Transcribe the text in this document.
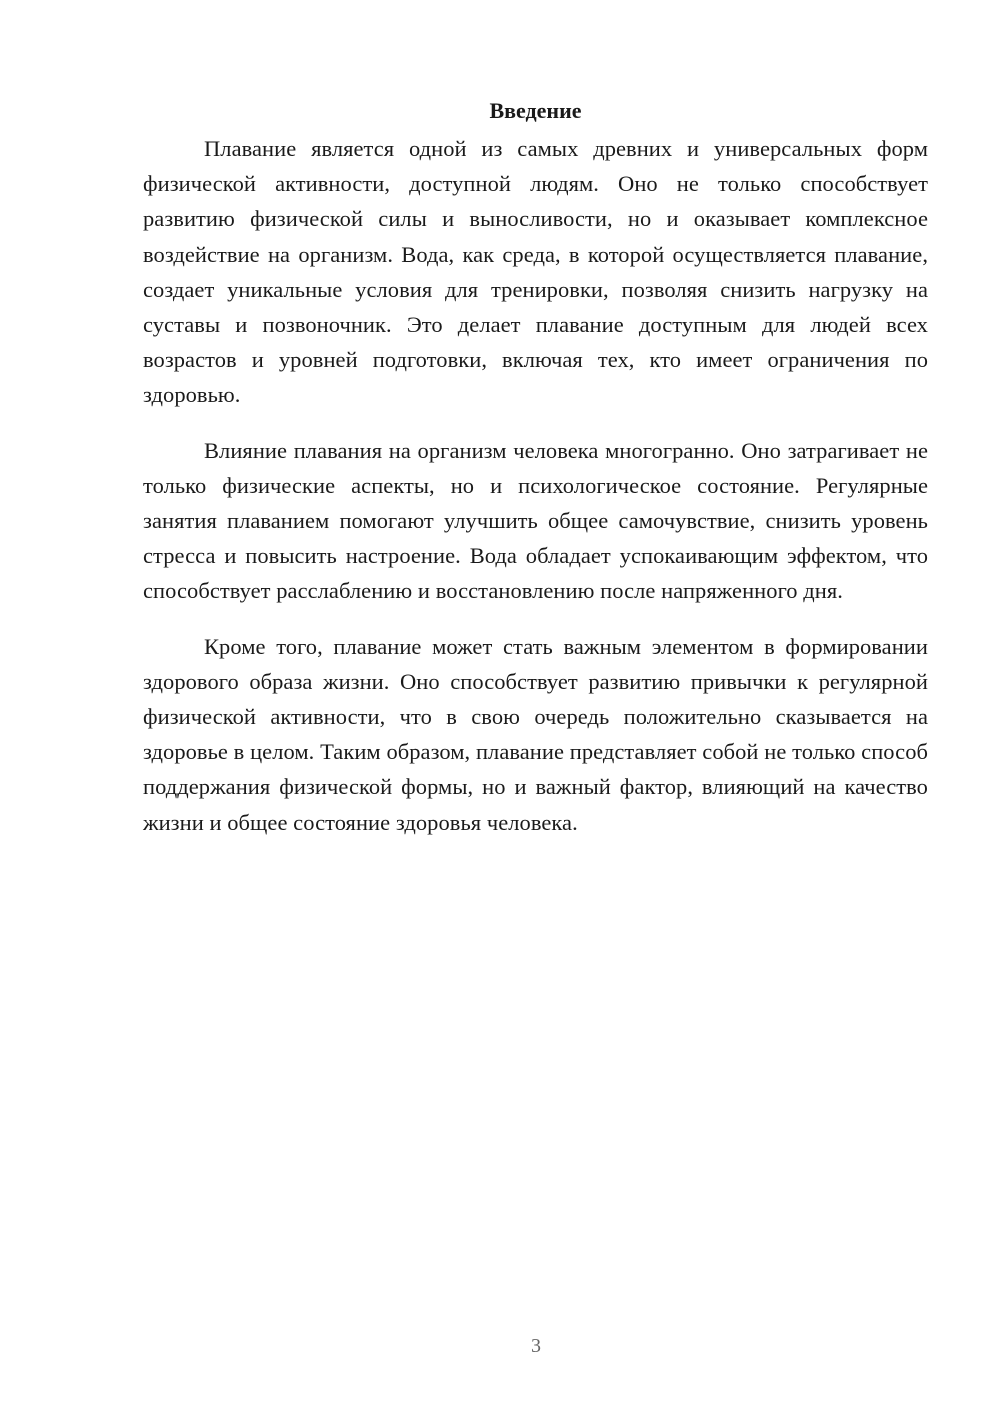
Введение

Плавание является одной из самых древних и универсальных форм физической активности, доступной людям. Оно не только способствует развитию физической силы и выносливости, но и оказывает комплексное воздействие на организм. Вода, как среда, в которой осуществляется плавание, создает уникальные условия для тренировки, позволяя снизить нагрузку на суставы и позвоночник. Это делает плавание доступным для людей всех возрастов и уровней подготовки, включая тех, кто имеет ограничения по здоровью.

Влияние плавания на организм человека многогранно. Оно затрагивает не только физические аспекты, но и психологическое состояние. Регулярные занятия плаванием помогают улучшить общее самочувствие, снизить уровень стресса и повысить настроение. Вода обладает успокаивающим эффектом, что способствует расслаблению и восстановлению после напряженного дня.

Кроме того, плавание может стать важным элементом в формировании здорового образа жизни. Оно способствует развитию привычки к регулярной физической активности, что в свою очередь положительно сказывается на здоровье в целом. Таким образом, плавание представляет собой не только способ поддержания физической формы, но и важный фактор, влияющий на качество жизни и общее состояние здоровья человека.

3
